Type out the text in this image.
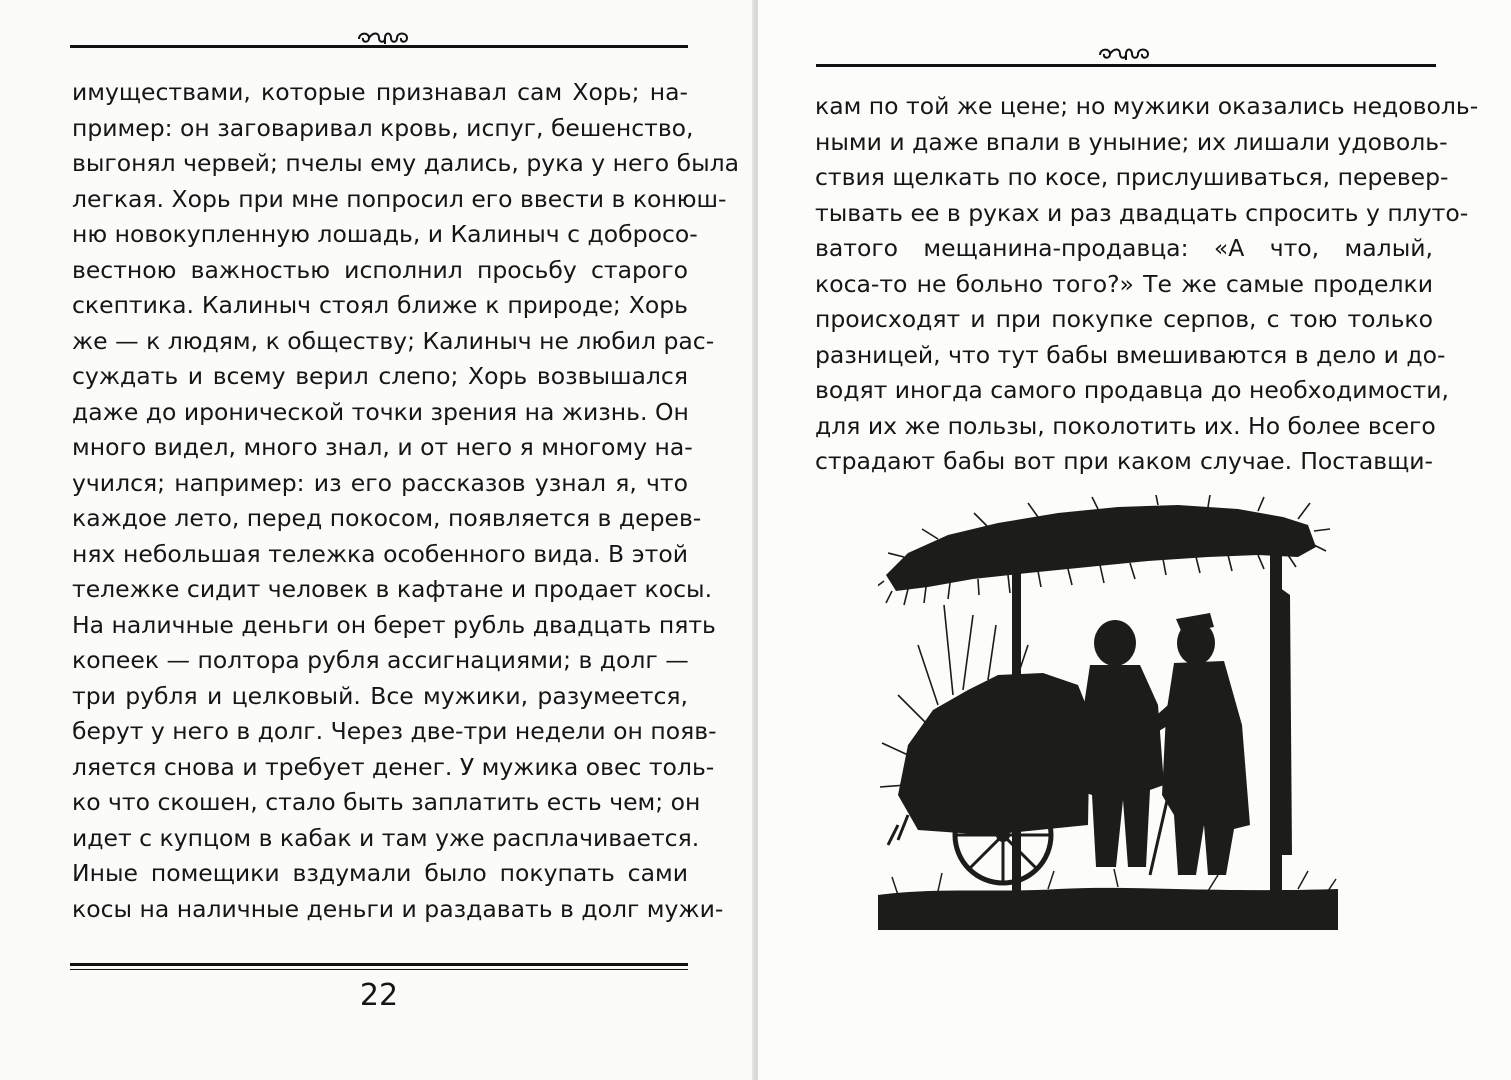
имуществами, которые признавал сам Хорь; на-
пример: он заговаривал кровь, испуг, бешенство,
выгонял червей; пчелы ему дались, рука у него была
легкая. Хорь при мне попросил его ввести в конюш-
ню новокупленную лошадь, и Калиныч с добросо-
вестною важностью исполнил просьбу старого
скептика. Калиныч стоял ближе к природе; Хорь
же — к людям, к обществу; Калиныч не любил рас-
суждать и всему верил слепо; Хорь возвышался
даже до иронической точки зрения на жизнь. Он
много видел, много знал, и от него я многому на-
учился; например: из его рассказов узнал я, что
каждое лето, перед покосом, появляется в дерев-
нях небольшая тележка особенного вида. В этой
тележке сидит человек в кафтане и продает косы.
На наличные деньги он берет рубль двадцать пять
копеек — полтора рубля ассигнациями; в долг —
три рубля и целковый. Все мужики, разумеется,
берут у него в долг. Через две-три недели он появ-
ляется снова и требует денег. У мужика овес толь-
ко что скошен, стало быть заплатить есть чем; он
идет с купцом в кабак и там уже расплачивается.
Иные помещики вздумали было покупать сами
косы на наличные деньги и раздавать в долг мужи-
22
кам по той же цене; но мужики оказались недоволь-
ными и даже впали в уныние; их лишали удоволь-
ствия щелкать по косе, прислушиваться, перевер-
тывать ее в руках и раз двадцать спросить у плуто-
ватого мещанина-продавца: «А что, малый,
коса-то не больно того?» Те же самые проделки
происходят и при покупке серпов, с тою только
разницей, что тут бабы вмешиваются в дело и до-
водят иногда самого продавца до необходимости,
для их же пользы, поколотить их. Но более всего
страдают бабы вот при каком случае. Поставщи-
